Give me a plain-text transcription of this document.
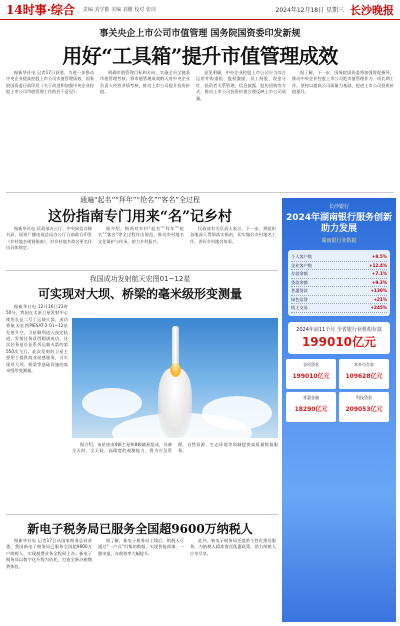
14时事·综合 责编 刘学勤 美编 刘姗 校对 张玮	2024年12月18日 星期三 长沙晚报
事关央企上市公司市值管理 国务院国资委印发新规
用好“工具箱”提升市值管理成效

据新华社电 记者17日获悉，为进一步推动中央企业提高控股上市公司市值管理质效，国务院国资委日前印发《关于改进和加强中央企业控股上市公司市值管理工作的若干意见》。

明确市值管理目标和方向，实施全员全链条市值管理考核。将市值管理成效纳入对中央企业负责人经营业绩考核，推动上市公司提升投资价值。

意见明确，中央企业控股上市公司应当综合运用并购重组、股权激励、员工持股、现金分红、投资者关系管理、信息披露、股份回购等方式，推动上市公司投资价值合理反映上市公司质量。

据了解，下一步，国务院国资委将加强督促指导，推动中央企业控股上市公司把市值管理作为一项长期工作，坚持以提高公司质量为基础，促进上市公司投资价值提升。

长沙银行
2024年湖南银行服务创新助力发展
湖南银行业数据
个人客户数	+8.5%
企业客户数	+12.4%
存款余额	+7.1%
贷款余额	+9.3%
普惠贷款	+130%
绿色信贷	+21%
线上交易	+245%
2024年前11个月 全省银行业机构存款
199010亿元
各项贷款
199010亿元
本外币存款
109628亿元
普惠金融
18290亿元
科技贷款
209053亿元
通遍“起名”“拜年”“抢名”“客名”全过程
这份指南专门用来“名”记乡村

据新华社电 民政部办公厅、中央网信办秘书局、国家广播电视总局办公厅日前联合印发《乡村地名规划指南》，对乡村地名命名更名作出具体规定。

据介绍，指南对乡村“起名”“拜年”“抢名”“客名”等全过程作出规范，推动乡村地名文化保护与传承，助力乡村振兴。

民政部有关负责人表示，下一步，将组织各地深入贯彻落实指南，切实做好乡村地名工作，讲好乡村地名故事。

我国成功发射航天宏图01~12星
可实现对大坝、桥梁的毫米级形变测量

据新华社电 12月16日23时50分，我国在太原卫星发射中心使用长征二号丁运载火箭，成功将航天宏图PIESAT-2 01~12星发射升空，卫星顺利进入预定轨道，发射任务获得圆满成功。这次任务是长征系列运载火箭的第550次飞行。此次发射的卫星主要用于提供商业遥感服务，可实现对大坝、桥梁等基础设施的毫米级形变测量。

据介绍，该星座由4颗主星和8颗辅星组成，具备全天时、全天候、高精度的观测能力，将为应急管理、自然资源、生态环境等领域提供高质量数据服务。

新电子税务局已服务全国超9600万纳税人

据新华社电 记者17日从国家税务总局获悉，我国新电子税务局已服务全国超9600万户纳税人，实现税费业务全程网上办。新电子税务局以数字化升级为依托，打造全新办税缴费体验。

据了解，新电子税务局上线后，纳税人可通过“一户式”归集的数据，实现智能预填、一键申报，办税效率大幅提升。

此外，新电子税务局还提供个性化推送服务，为纳税人精准推送优惠政策，助力纳税人应享尽享。
